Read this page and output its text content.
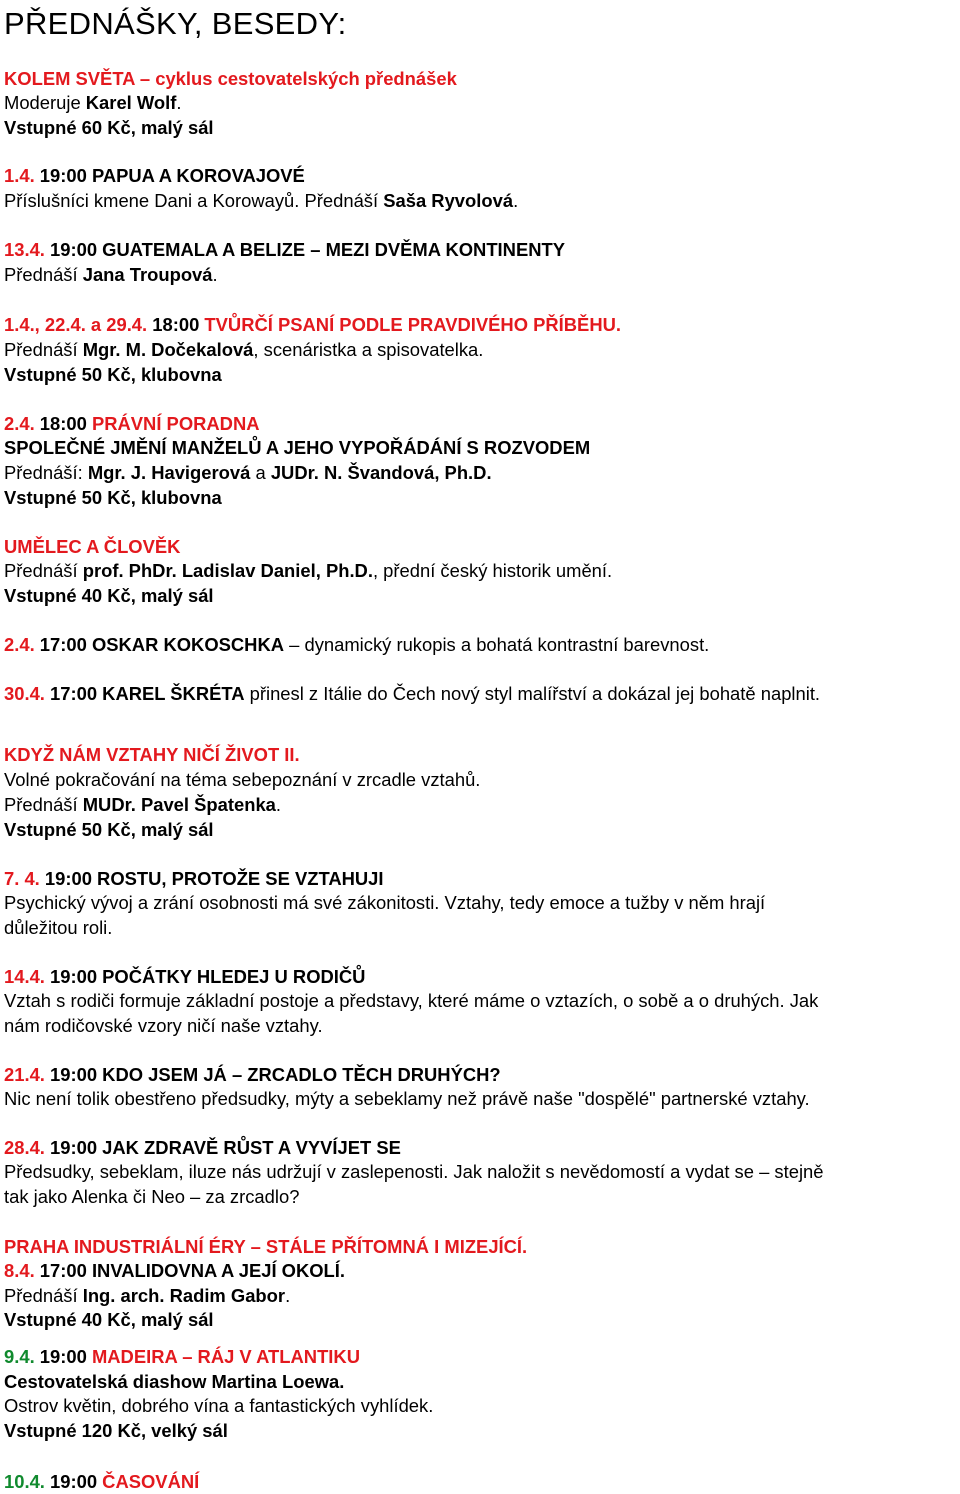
PŘEDNÁŠKY, BESEDY:
KOLEM SVĚTA – cyklus cestovatelských přednášek
Moderuje Karel Wolf.
Vstupné 60 Kč, malý sál
1.4. 19:00 PAPUA A KOROVAJOVÉ
Příslušníci kmene Dani a Korowayů. Přednáší Saša Ryvolová.
13.4. 19:00 GUATEMALA A BELIZE – MEZI DVĚMA KONTINENTY
Přednáší Jana Troupová.
1.4., 22.4. a 29.4. 18:00 TVŮRČÍ PSANÍ PODLE PRAVDIVÉHO PŘÍBĚHU.
Přednáší Mgr. M. Dočekalová, scenáristka a spisovatelka.
Vstupné 50 Kč, klubovna
2.4. 18:00 PRÁVNÍ PORADNA
SPOLEČNÉ JMĚNÍ MANŽELŮ A JEHO VYPOŘÁDÁNÍ S ROZVODEM
Přednáší: Mgr. J. Havigerová a JUDr. N. Švandová, Ph.D.
Vstupné 50 Kč, klubovna
UMĚLEC A ČLOVĚK
Přednáší prof. PhDr. Ladislav Daniel, Ph.D., přední český historik umění.
Vstupné 40 Kč, malý sál
2.4. 17:00 OSKAR KOKOSCHKA – dynamický rukopis a bohatá kontrastní barevnost.
30.4. 17:00 KAREL ŠKRÉTA přinesl z Itálie do Čech nový styl malířství a dokázal jej bohatě naplnit.
KDYŽ NÁM VZTAHY NIČÍ ŽIVOT II.
Volné pokračování na téma sebepoznání v zrcadle vztahů.
Přednáší MUDr. Pavel Špatenka.
Vstupné 50 Kč, malý sál
7. 4. 19:00 ROSTU, PROTOŽE SE VZTAHUJI
Psychický vývoj a zrání osobnosti má své zákonitosti. Vztahy, tedy emoce a tužby v něm hrají
důležitou roli.
14.4. 19:00 POČÁTKY HLEDEJ U RODIČŮ
Vztah s rodiči formuje základní postoje a představy, které máme o vztazích, o sobě a o druhých. Jak
nám rodičovské vzory ničí naše vztahy.
21.4. 19:00 KDO JSEM JÁ – ZRCADLO TĚCH DRUHÝCH?
Nic není tolik obestřeno předsudky, mýty a sebeklamy než právě naše "dospělé" partnerské vztahy.
28.4. 19:00 JAK ZDRAVĚ RŮST A VYVÍJET SE
Předsudky, sebeklam, iluze nás udržují v zaslepenosti. Jak naložit s nevědomostí a vydat se – stejně
tak jako Alenka či Neo – za zrcadlo?
PRAHA INDUSTRIÁLNÍ ÉRY – STÁLE PŘÍTOMNÁ I MIZEJÍCÍ.
8.4. 17:00 INVALIDOVNA A JEJÍ OKOLÍ.
Přednáší Ing. arch. Radim Gabor.
Vstupné 40 Kč, malý sál
9.4. 19:00 MADEIRA – RÁJ V ATLANTIKU
Cestovatelská diashow Martina Loewa.
Ostrov květin, dobrého vína a fantastických vyhlídek.
Vstupné 120 Kč, velký sál
10.4. 19:00 ČASOVÁNÍ
